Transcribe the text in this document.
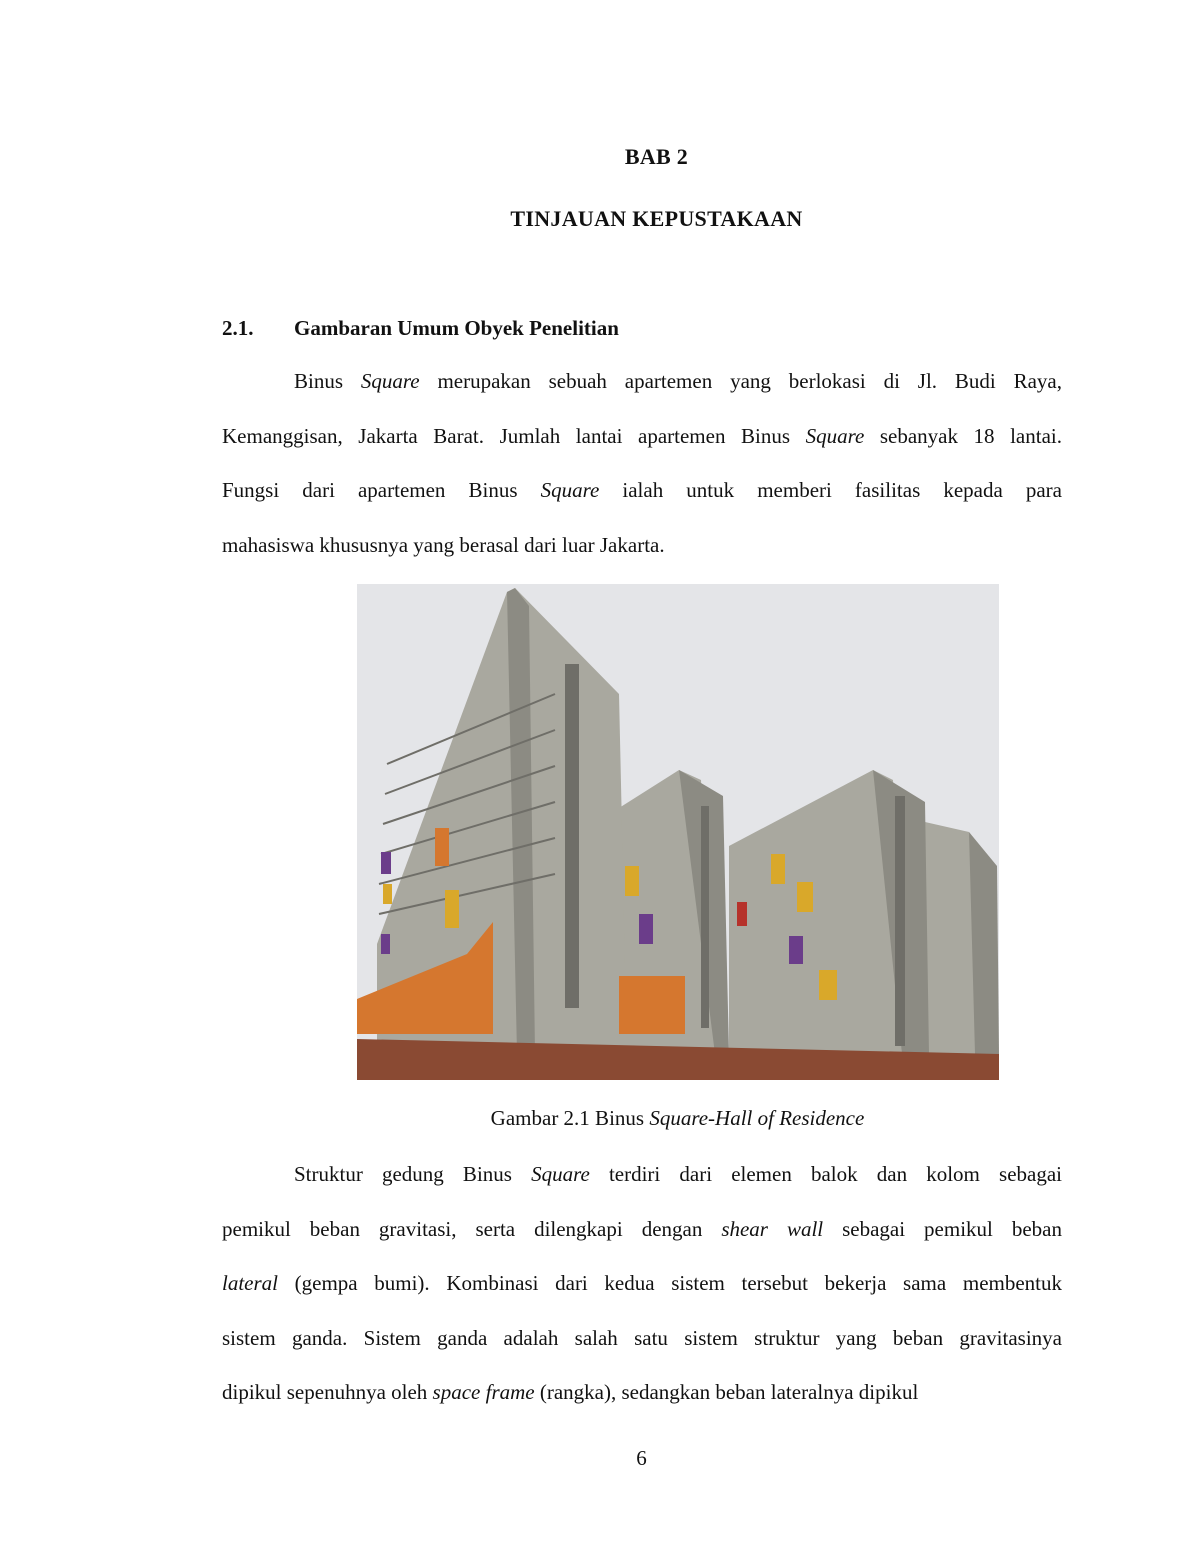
BAB 2
TINJAUAN KEPUSTAKAAN
2.1. Gambaran Umum Obyek Penelitian
Binus Square merupakan sebuah apartemen yang berlokasi di Jl. Budi Raya,
Kemanggisan, Jakarta Barat. Jumlah lantai apartemen Binus Square sebanyak 18 lantai.
Fungsi dari apartemen Binus Square ialah untuk memberi fasilitas kepada para
mahasiswa khususnya yang berasal dari luar Jakarta.
Gambar 2.1 Binus Square-Hall of Residence
Struktur gedung Binus Square terdiri dari elemen balok dan kolom sebagai
pemikul beban gravitasi, serta dilengkapi dengan shear wall sebagai pemikul beban
lateral (gempa bumi). Kombinasi dari kedua sistem tersebut bekerja sama membentuk
sistem ganda. Sistem ganda adalah salah satu sistem struktur yang beban gravitasinya
dipikul sepenuhnya oleh space frame (rangka), sedangkan beban lateralnya dipikul
6
